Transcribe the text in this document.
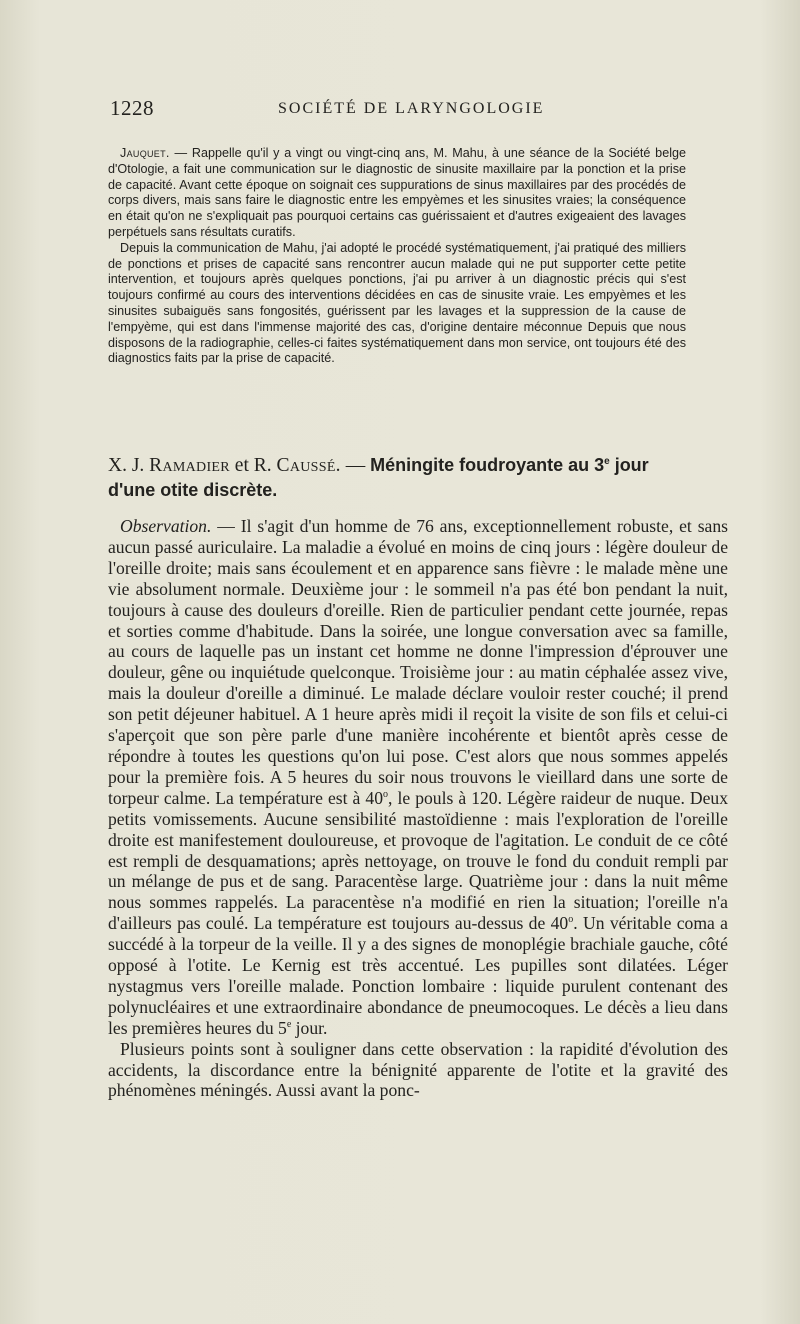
1228	SOCIÉTÉ DE LARYNGOLOGIE

Jauquet. — Rappelle qu'il y a vingt ou vingt-cinq ans, M. Mahu, à une séance de la Société belge d'Otologie, a fait une communication sur le diagnostic de sinusite maxillaire par la ponction et la prise de capacité. Avant cette époque on soignait ces suppurations de sinus maxillaires par des procédés de corps divers, mais sans faire le diagnostic entre les empyèmes et les sinusites vraies; la conséquence en était qu'on ne s'expliquait pas pourquoi certains cas guérissaient et d'autres exigeaient des lavages perpétuels sans résultats curatifs.

Depuis la communication de Mahu, j'ai adopté le procédé systématiquement, j'ai pratiqué des milliers de ponctions et prises de capacité sans rencontrer aucun malade qui ne put supporter cette petite intervention, et toujours après quelques ponctions, j'ai pu arriver à un diagnostic précis qui s'est toujours confirmé au cours des interventions décidées en cas de sinusite vraie. Les empyèmes et les sinusites subaiguës sans fongosités, guérissent par les lavages et la suppression de la cause de l'empyème, qui est dans l'immense majorité des cas, d'origine dentaire méconnue Depuis que nous disposons de la radiographie, celles-ci faites systématiquement dans mon service, ont toujours été des diagnostics faits par la prise de capacité.

X. J. Ramadier et R. Caussé. — Méningite foudroyante au 3e jour d'une otite discrète.

Observation. — Il s'agit d'un homme de 76 ans, exceptionnellement robuste, et sans aucun passé auriculaire. La maladie a évolué en moins de cinq jours : légère douleur de l'oreille droite; mais sans écoulement et en apparence sans fièvre : le malade mène une vie absolument normale. Deuxième jour : le sommeil n'a pas été bon pendant la nuit, toujours à cause des douleurs d'oreille. Rien de particulier pendant cette journée, repas et sorties comme d'habitude. Dans la soirée, une longue conversation avec sa famille, au cours de laquelle pas un instant cet homme ne donne l'impression d'éprouver une douleur, gêne ou inquiétude quelconque. Troisième jour : au matin céphalée assez vive, mais la douleur d'oreille a diminué. Le malade déclare vouloir rester couché; il prend son petit déjeuner habituel. A 1 heure après midi il reçoit la visite de son fils et celui-ci s'aperçoit que son père parle d'une manière incohérente et bientôt après cesse de répondre à toutes les questions qu'on lui pose. C'est alors que nous sommes appelés pour la première fois. A 5 heures du soir nous trouvons le vieillard dans une sorte de torpeur calme. La température est à 40$^o$, le pouls à 120. Légère raideur de nuque. Deux petits vomissements. Aucune sensibilité mastoïdienne : mais l'exploration de l'oreille droite est manifestement douloureuse, et provoque de l'agitation. Le conduit de ce côté est rempli de desquamations; après nettoyage, on trouve le fond du conduit rempli par un mélange de pus et de sang. Paracentèse large. Quatrième jour : dans la nuit même nous sommes rappelés. La paracentèse n'a modifié en rien la situation; l'oreille n'a d'ailleurs pas coulé. La température est toujours au-dessus de 40$^o$. Un véritable coma a succédé à la torpeur de la veille. Il y a des signes de monoplégie brachiale gauche, côté opposé à l'otite. Le Kernig est très accentué. Les pupilles sont dilatées. Léger nystagmus vers l'oreille malade. Ponction lombaire : liquide purulent contenant des polynucléaires et une extraordinaire abondance de pneumocoques. Le décès a lieu dans les premières heures du 5e jour.

Plusieurs points sont à souligner dans cette observation : la rapidité d'évolution des accidents, la discordance entre la bénignité apparente de l'otite et la gravité des phénomènes méningés. Aussi avant la ponc-
